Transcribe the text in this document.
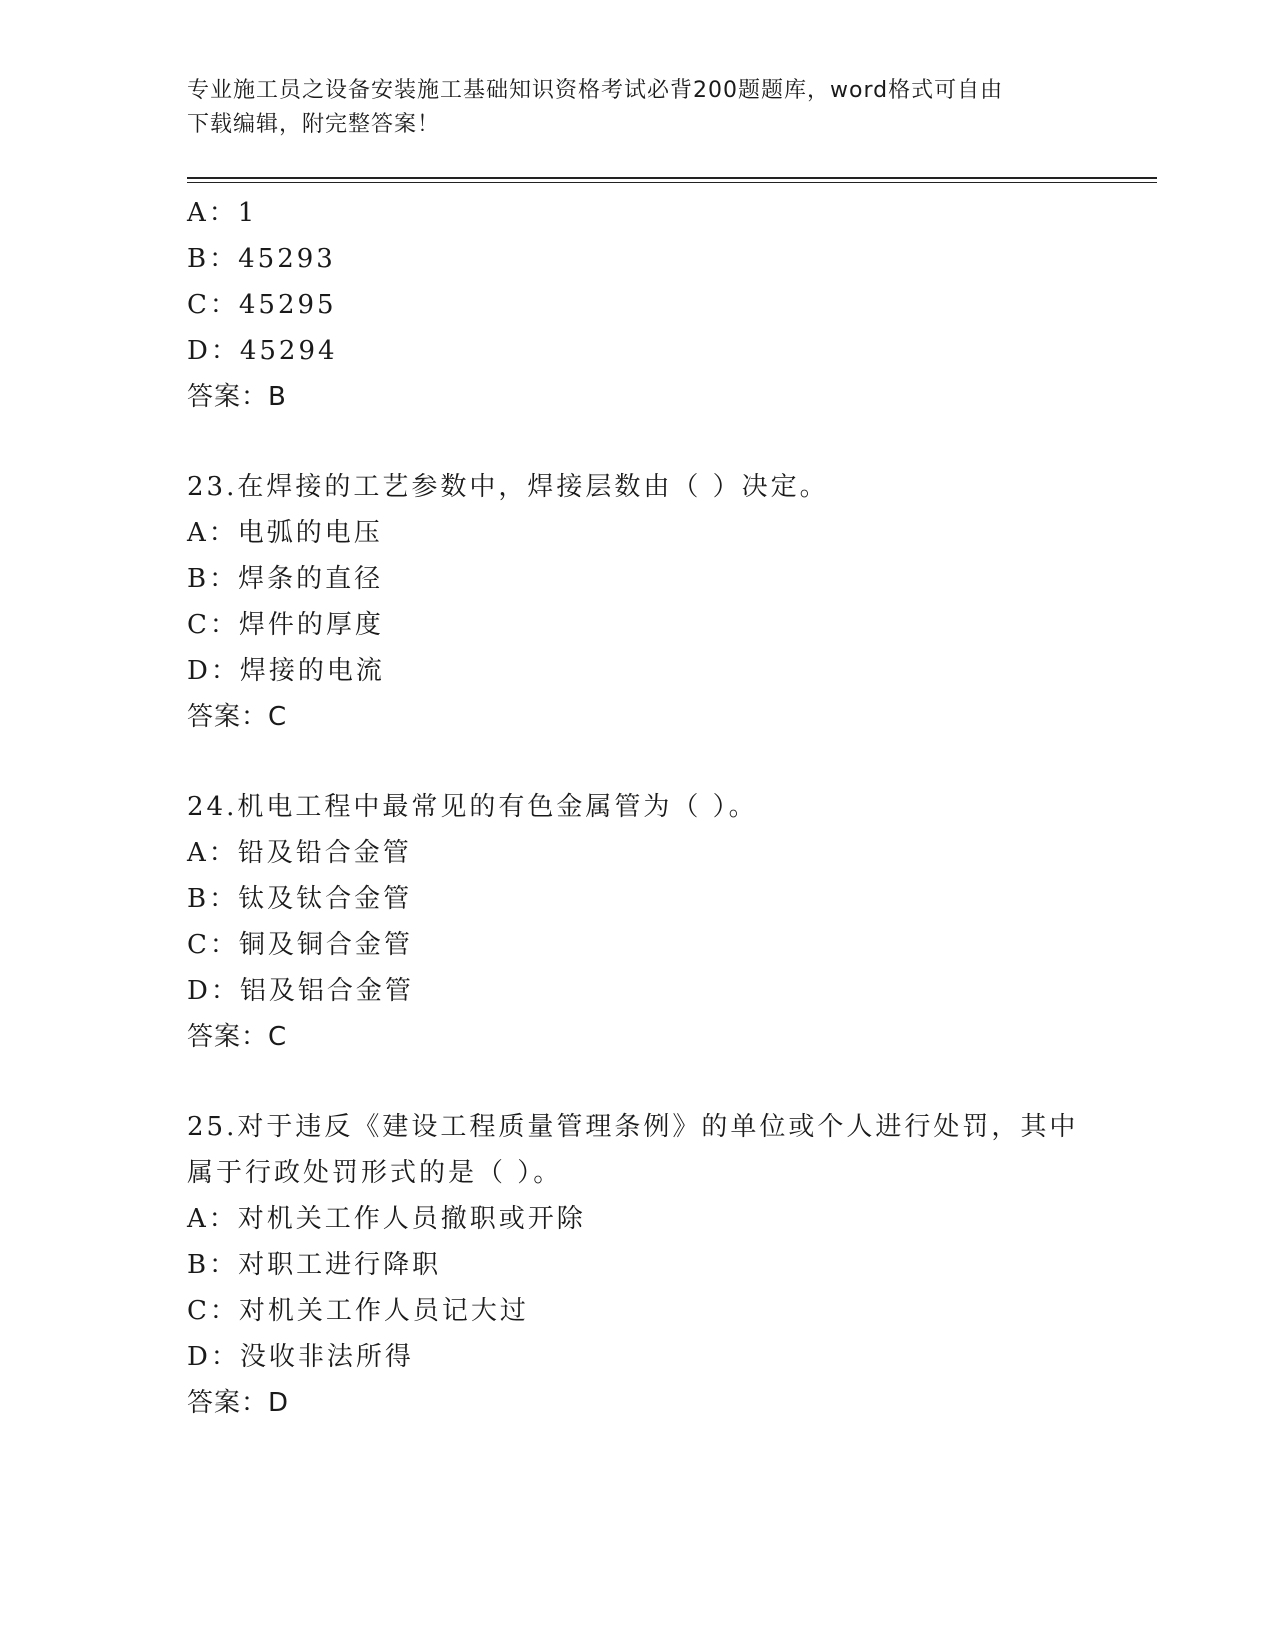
专业施工员之设备安装施工基础知识资格考试必背200题题库，word格式可自由
下载编辑，附完整答案！
A：1
B：45293
C：45295
D：45294
答案：B
23.在焊接的工艺参数中，焊接层数由（ ）决定。
A：电弧的电压
B：焊条的直径
C：焊件的厚度
D：焊接的电流
答案：C
24.机电工程中最常见的有色金属管为（ ）。
A：铅及铅合金管
B：钛及钛合金管
C：铜及铜合金管
D：铝及铝合金管
答案：C
25.对于违反《建设工程质量管理条例》的单位或个人进行处罚，其中
属于行政处罚形式的是（ ）。
A：对机关工作人员撤职或开除
B：对职工进行降职
C：对机关工作人员记大过
D：没收非法所得
答案：D
